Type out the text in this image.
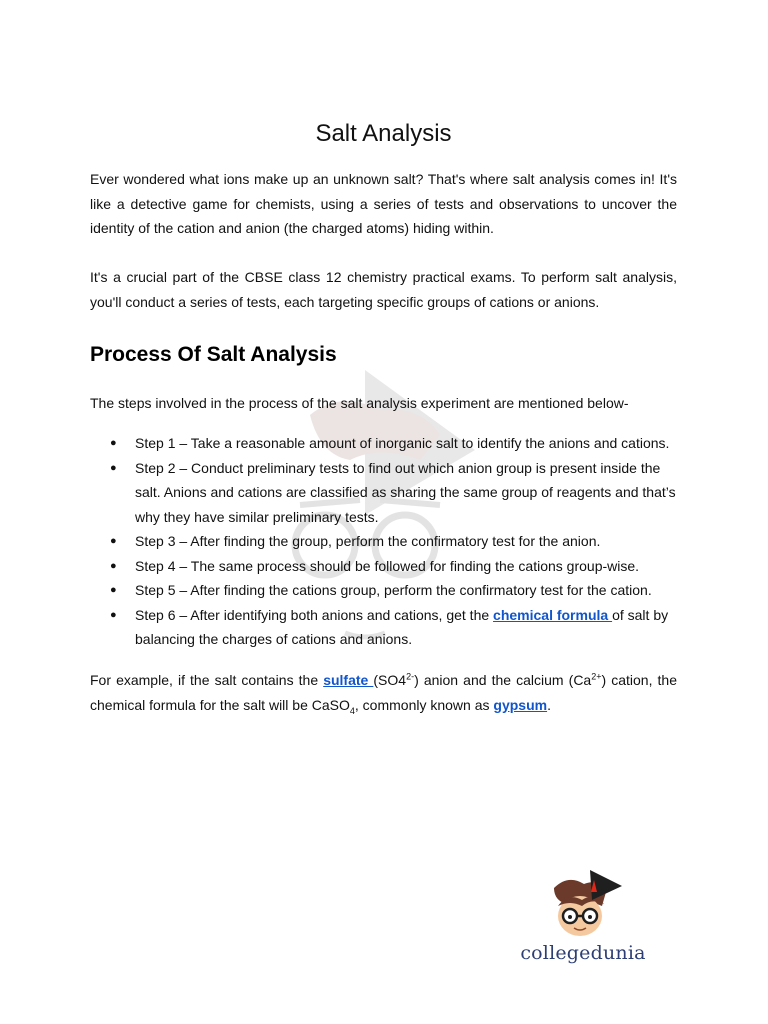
Salt Analysis

Ever wondered what ions make up an unknown salt? That's where salt analysis comes in! It's like a detective game for chemists, using a series of tests and observations to uncover the identity of the cation and anion (the charged atoms) hiding within.

It's a crucial part of the CBSE class 12 chemistry practical exams. To perform salt analysis, you'll conduct a series of tests, each targeting specific groups of cations or anions.

Process Of Salt Analysis

The steps involved in the process of the salt analysis experiment are mentioned below-

● Step 1 – Take a reasonable amount of inorganic salt to identify the anions and cations.
● Step 2 – Conduct preliminary tests to find out which anion group is present inside the salt. Anions and cations are classified as sharing the same group of reagents and that’s why they have similar preliminary tests.
● Step 3 – After finding the group, perform the confirmatory test for the anion.
● Step 4 – The same process should be followed for finding the cations group-wise.
● Step 5 – After finding the cations group, perform the confirmatory test for the cation.
● Step 6 – After identifying both anions and cations, get the chemical formula of salt by balancing the charges of cations and anions.

For example, if the salt contains the sulfate $(SO4^{2-})$ anion and the calcium $(Ca^{2+})$ cation, the chemical formula for the salt will be CaSO$_4$, commonly known as gypsum.

collegedunia
